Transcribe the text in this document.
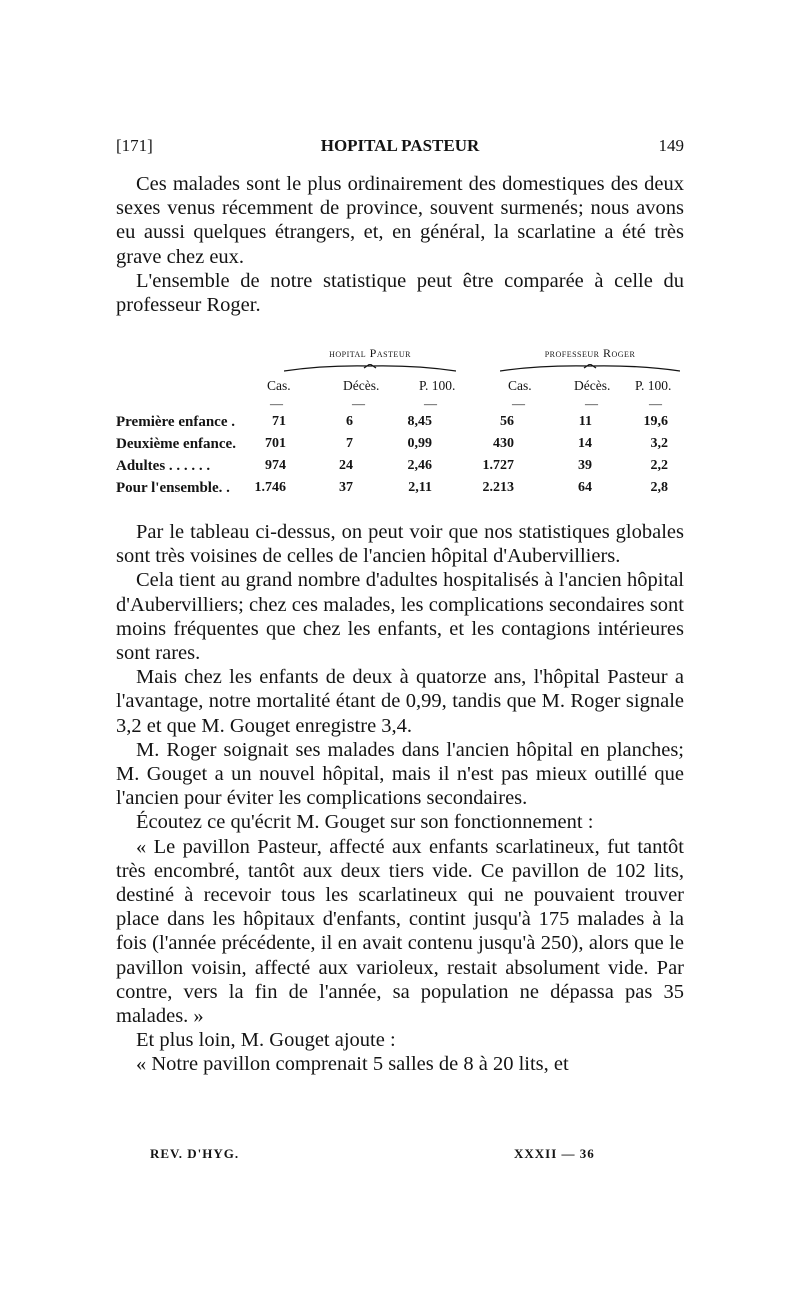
[171]	HOPITAL PASTEUR	149

Ces malades sont le plus ordinairement des domestiques des deux sexes venus récemment de province, souvent surmenés; nous avons eu aussi quelques étrangers, et, en général, la scarlatine a été très grave chez eux.

L'ensemble de notre statistique peut être comparée à celle du professeur Roger.

hopital Pasteur	professeur Roger
Cas.	Décès.	P. 100.	Cas.	Décès. P. 100.
—	—	—	—	—	—
Première enfance .	71	6	8,45	56	11	19,6
Deuxième enfance. 701	7	0,99	430	14	3,2
Adultes . . . . . .	974	24	2,46	1.727	39	2,2
Pour l'ensemble. . 1.746	37	2,11	2.213	64	2,8

Par le tableau ci-dessus, on peut voir que nos statistiques globales sont très voisines de celles de l'ancien hôpital d'Aubervilliers.

Cela tient au grand nombre d'adultes hospitalisés à l'ancien hôpital d'Aubervilliers; chez ces malades, les complications secondaires sont moins fréquentes que chez les enfants, et les contagions intérieures sont rares.

Mais chez les enfants de deux à quatorze ans, l'hôpital Pasteur a l'avantage, notre mortalité étant de 0,99, tandis que M. Roger signale 3,2 et que M. Gouget enregistre 3,4.

M. Roger soignait ses malades dans l'ancien hôpital en planches; M. Gouget a un nouvel hôpital, mais il n'est pas mieux outillé que l'ancien pour éviter les complications secondaires.

Écoutez ce qu'écrit M. Gouget sur son fonctionnement :

« Le pavillon Pasteur, affecté aux enfants scarlatineux, fut tantôt très encombré, tantôt aux deux tiers vide. Ce pavillon de 102 lits, destiné à recevoir tous les scarlatineux qui ne pouvaient trouver place dans les hôpitaux d'enfants, contint jusqu'à 175 malades à la fois (l'année précédente, il en avait contenu jusqu'à 250), alors que le pavillon voisin, affecté aux varioleux, restait absolument vide. Par contre, vers la fin de l'année, sa population ne dépassa pas 35 malades. »

Et plus loin, M. Gouget ajoute :

« Notre pavillon comprenait 5 salles de 8 à 20 lits, et

REV. D'HYG.	XXXII — 36
